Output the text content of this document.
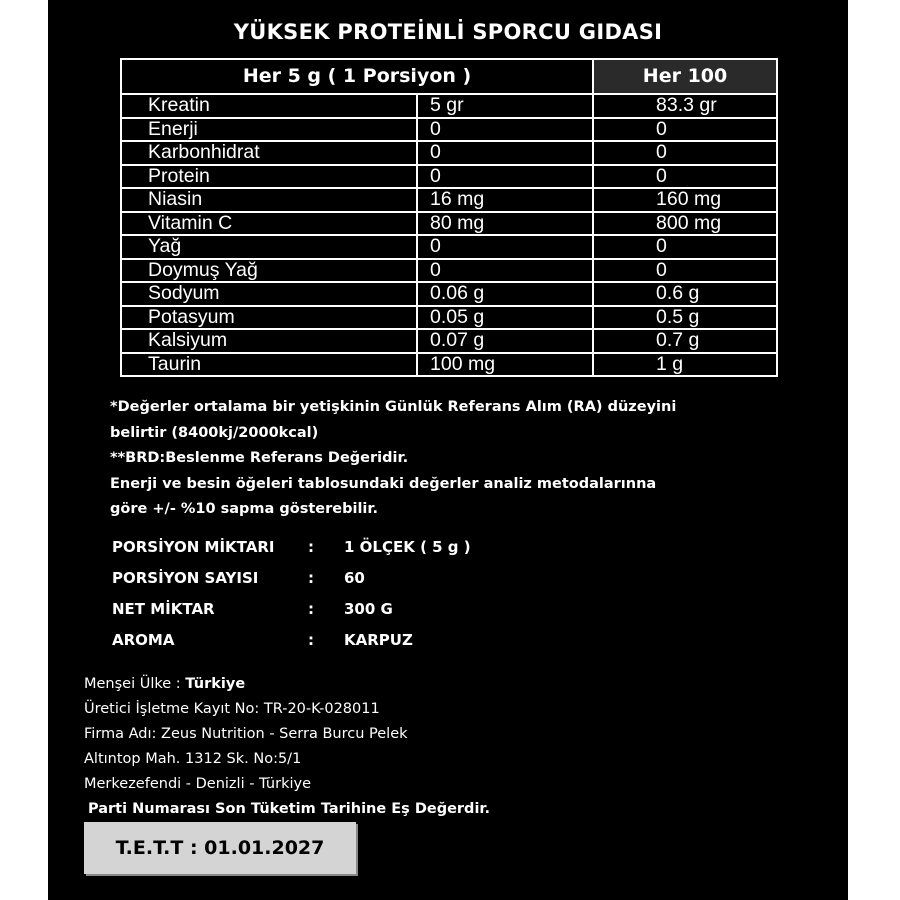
YÜKSEK PROTEİNLİ SPORCU GIDASI
Her 5 g ( 1 Porsiyon )		Her 100
Kreatin	5 gr	83.3 gr
Enerji	0	0
Karbonhidrat	0	0
Protein	0	0
Niasin	16 mg	160 mg
Vitamin C	80 mg	800 mg
Yağ	0	0
Doymuş Yağ	0	0
Sodyum	0.06 g	0.6 g
Potasyum	0.05 g	0.5 g
Kalsiyum	0.07 g	0.7 g
Taurin	100 mg	1 g

*Değerler ortalama bir yetişkinin Günlük Referans Alım (RA) düzeyini

belirtir (8400kj/2000kcal)

**BRD:Beslenme Referans Değeridir.

Enerji ve besin öğeleri tablosundaki değerler analiz metodalarınna

göre +/- %10 sapma gösterebilir.

PORSİYON MİKTARI : 1 ÖLÇEK ( 5 g )
PORSİYON SAYISI	: 60
NET MİKTAR	: 300 G
AROMA	: KARPUZ
Menşei Ülke : Türkiye
Üretici İşletme Kayıt No: TR-20-K-028011
Firma Adı: Zeus Nutrition - Serra Burcu Pelek
Altıntop Mah. 1312 Sk. No:5/1
Merkezefendi - Denizli - Türkiye
Parti Numarası Son Tüketim Tarihine Eş Değerdir.
T.E.T.T : 01.01.2027
